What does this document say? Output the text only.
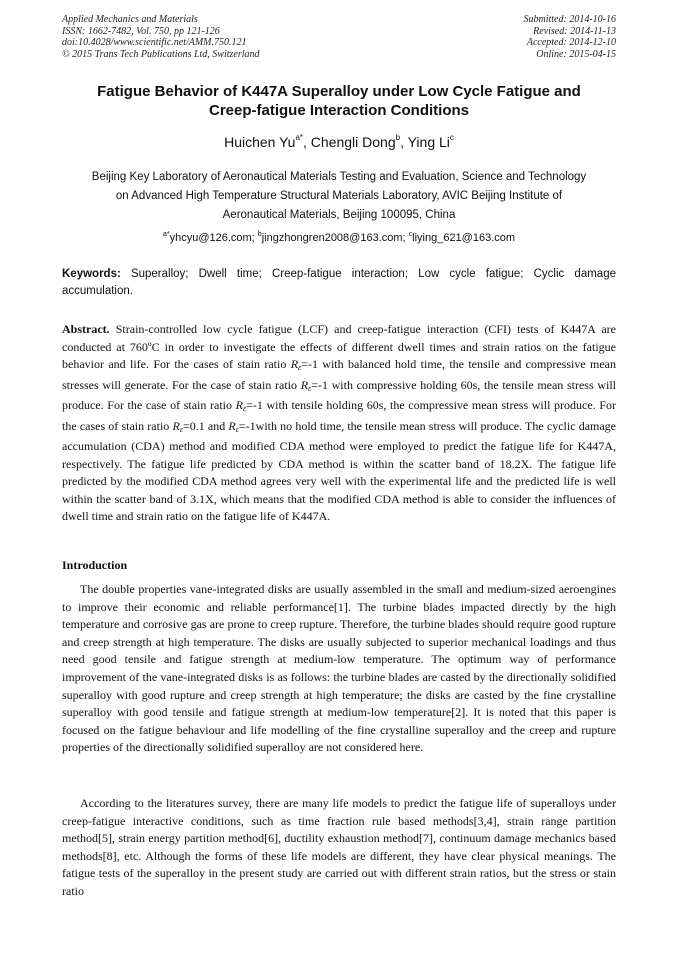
Applied Mechanics and Materials
ISSN: 1662-7482, Vol. 750, pp 121-126
doi:10.4028/www.scientific.net/AMM.750.121
© 2015 Trans Tech Publications Ltd, Switzerland
Submitted: 2014-10-16
Revised: 2014-11-13
Accepted: 2014-12-10
Online: 2015-04-15
Fatigue Behavior of K447A Superalloy under Low Cycle Fatigue and
Creep-fatigue Interaction Conditions
Huichen $Yu^{a*}$, Chengli Dong$^b$, Ying Li$^c$
Beijing Key Laboratory of Aeronautical Materials Testing and Evaluation, Science and Technology
on Advanced High Temperature Structural Materials Laboratory, AVIC Beijing Institute of
Aeronautical Materials, Beijing 100095, China
$^{a*}$yhcyu@126.com; $^b$jingzhongren2008@163.com; $^c$liying_621@163.com
Keywords: Superalloy; Dwell time; Creep-fatigue interaction; Low cycle fatigue; Cyclic damage accumulation.
Abstract. Strain-controlled low cycle fatigue (LCF) and creep-fatigue interaction (CFI) tests of K447A are conducted at 760ºC in order to investigate the effects of different dwell times and strain ratios on the fatigue behavior and life. For the cases of stain ratio $R_\varepsilon=-1$ with balanced hold time, the tensile and compressive mean stresses will generate. For the case of stain ratio $R_\varepsilon=-1$ with compressive holding 60s, the tensile mean stress will produce. For the case of stain ratio $R_\varepsilon=-1$ with tensile holding 60s, the compressive mean stress will produce. For the cases of stain ratio $R_\varepsilon=0.1$ and $R_\varepsilon=-1with$ no hold time, the tensile mean stress will produce. The cyclic damage accumulation (CDA) method and modified CDA method were employed to predict the fatigue life for K447A, respectively. The fatigue life predicted by CDA method is within the scatter band of 18.2X. The fatigue life predicted by the modified CDA method agrees very well with the experimental life and the predicted life is well within the scatter band of 3.1X, which means that the modified CDA method is able to consider the influences of dwell time and strain ratio on the fatigue life of K447A.
Introduction
The double properties vane-integrated disks are usually assembled in the small and medium-sized aeroengines to improve their economic and reliable performance[1]. The turbine blades impacted directly by the high temperature and corrosive gas are prone to creep rupture. Therefore, the turbine blades should require good rupture and creep strength at high temperature. The disks are usually subjected to superior mechanical loadings and thus need good tensile and fatigue strength at medium-low temperature. The optimum way of performance improvement of the vane-integrated disks is as follows: the turbine blades are casted by the directionally solidified superalloy with good rupture and creep strength at high temperature; the disks are casted by the fine crystalline superalloy with good tensile and fatigue strength at medium-low temperature[2]. It is noted that this paper is focused on the fatigue behaviour and life modelling of the fine crystalline superalloy and the creep and rupture properties of the directionally solidified superalloy are not considered here.
According to the literatures survey, there are many life models to predict the fatigue life of superalloys under creep-fatigue interactive conditions, such as time fraction rule based methods[3,4], strain range partition method[5], strain energy partition method[6], ductility exhaustion method[7], continuum damage mechanics based methods[8], etc. Although the forms of these life models are different, they have clear physical meanings. The fatigue tests of the superalloy in the present study are carried out with different strain ratios, but the stress or stain ratio
